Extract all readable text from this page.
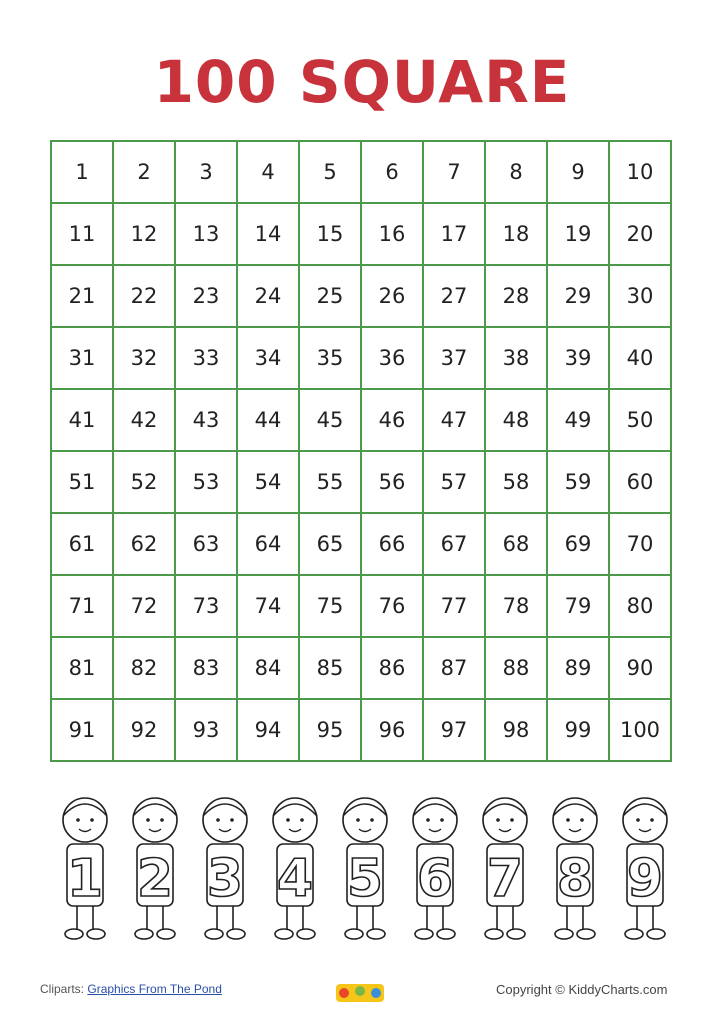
100 SQUARE
1	2	3	4	5	6	7	8	9	10
11	12	13	14	15	16	17	18	19	20
21	22	23	24	25	26	27	28	29	30
31	32	33	34	35	36	37	38	39	40
41	42	43	44	45	46	47	48	49	50
51	52	53	54	55	56	57	58	59	60
61	62	63	64	65	66	67	68	69	70
71	72	73	74	75	76	77	78	79	80
81	82	83	84	85	86	87	88	89	90
91	92	93	94	95	96	97	98	99	100
1 2 3 4 5 6 7 8 9
Cliparts: Graphics From The Pond	Copyright © KiddyCharts.com
